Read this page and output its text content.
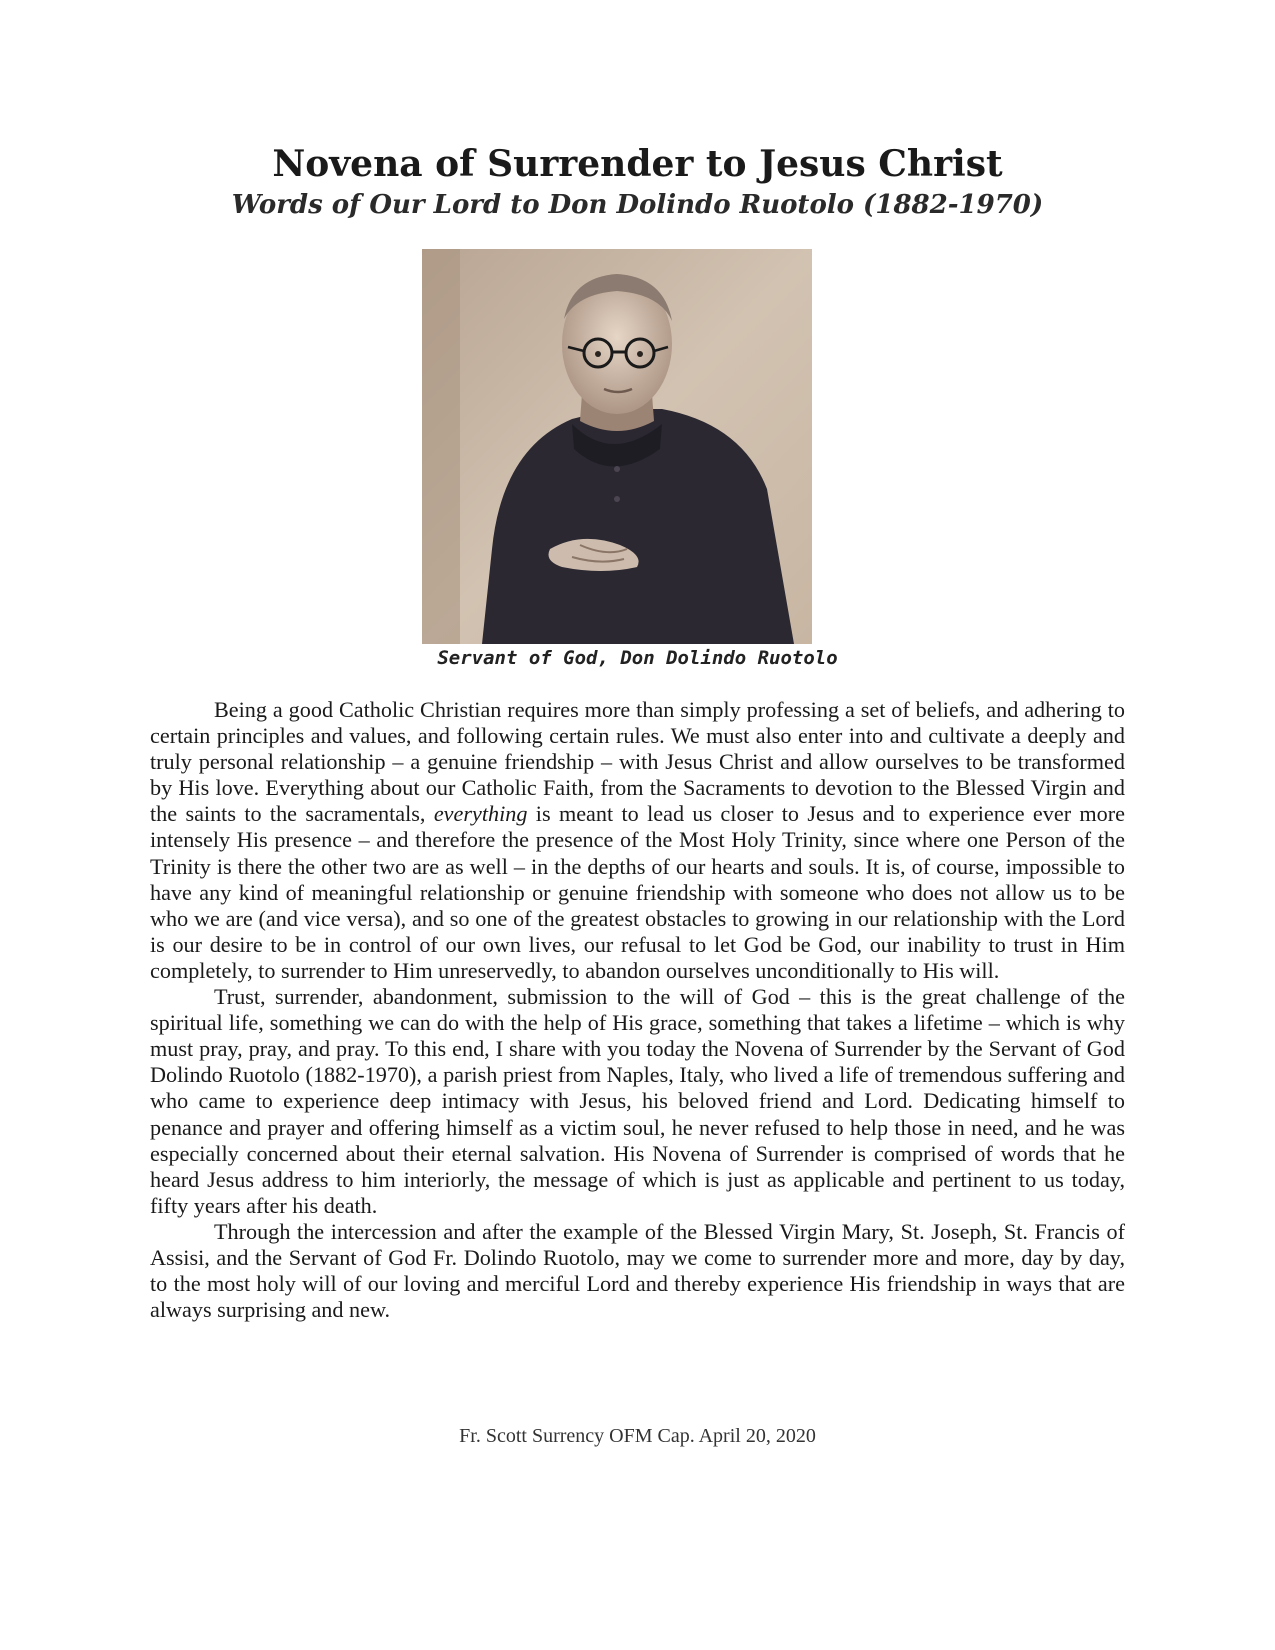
Novena of Surrender to Jesus Christ
Words of Our Lord to Don Dolindo Ruotolo (1882-1970)

Servant of God, Don Dolindo Ruotolo

Being a good Catholic Christian requires more than simply professing a set of beliefs, and adhering to certain principles and values, and following certain rules. We must also enter into and cultivate a deeply and truly personal relationship – a genuine friendship – with Jesus Christ and allow ourselves to be transformed by His love. Everything about our Catholic Faith, from the Sacraments to devotion to the Blessed Virgin and the saints to the sacramentals, everything is meant to lead us closer to Jesus and to experience ever more intensely His presence – and therefore the presence of the Most Holy Trinity, since where one Person of the Trinity is there the other two are as well – in the depths of our hearts and souls. It is, of course, impossible to have any kind of meaningful relationship or genuine friendship with someone who does not allow us to be who we are (and vice versa), and so one of the greatest obstacles to growing in our relationship with the Lord is our desire to be in control of our own lives, our refusal to let God be God, our inability to trust in Him completely, to surrender to Him unreservedly, to abandon ourselves unconditionally to His will.

Trust, surrender, abandonment, submission to the will of God – this is the great challenge of the spiritual life, something we can do with the help of His grace, something that takes a lifetime – which is why must pray, pray, and pray. To this end, I share with you today the Novena of Surrender by the Servant of God Dolindo Ruotolo (1882-1970), a parish priest from Naples, Italy, who lived a life of tremendous suffering and who came to experience deep intimacy with Jesus, his beloved friend and Lord. Dedicating himself to penance and prayer and offering himself as a victim soul, he never refused to help those in need, and he was especially concerned about their eternal salvation. His Novena of Surrender is comprised of words that he heard Jesus address to him interiorly, the message of which is just as applicable and pertinent to us today, fifty years after his death.

Through the intercession and after the example of the Blessed Virgin Mary, St. Joseph, St. Francis of Assisi, and the Servant of God Fr. Dolindo Ruotolo, may we come to surrender more and more, day by day, to the most holy will of our loving and merciful Lord and thereby experience His friendship in ways that are always surprising and new.

Fr. Scott Surrency OFM Cap. April 20, 2020
